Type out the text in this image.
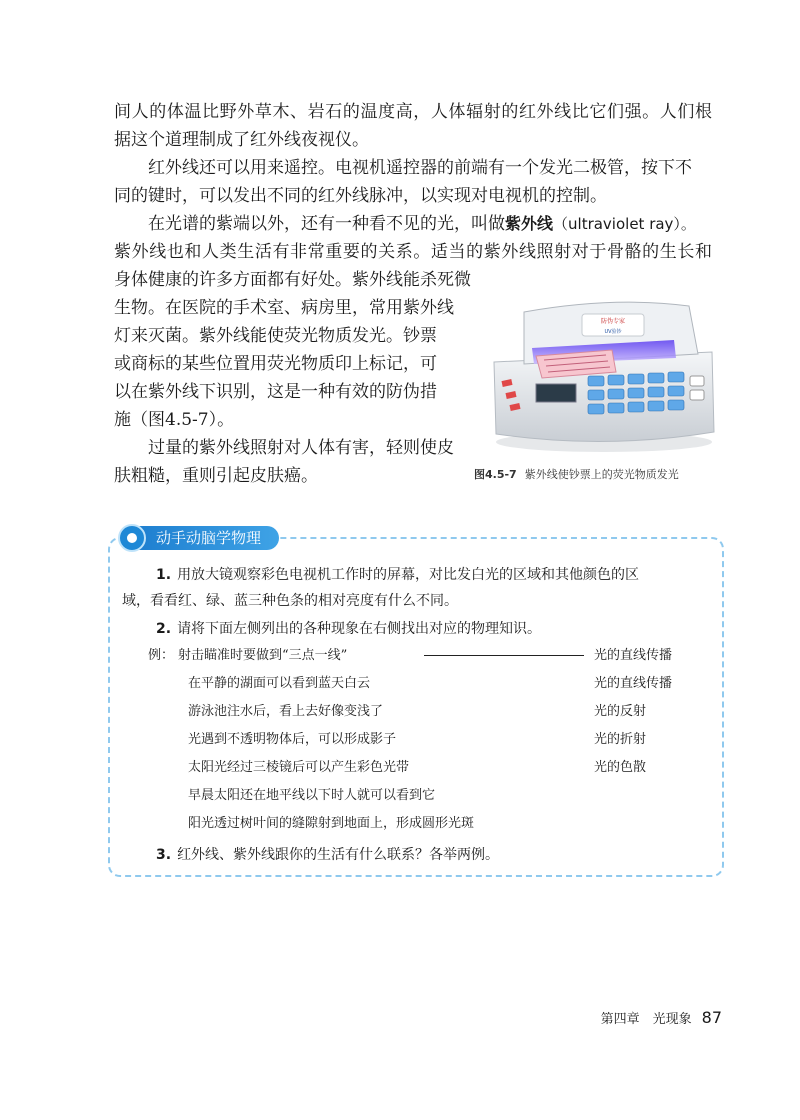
间人的体温比野外草木、岩石的温度高，人体辐射的红外线比它们强。人们根
据这个道理制成了红外线夜视仪。
红外线还可以用来遥控。电视机遥控器的前端有一个发光二极管，按下不
同的键时，可以发出不同的红外线脉冲，以实现对电视机的控制。
在光谱的紫端以外，还有一种看不见的光，叫做紫外线（ultraviolet ray）。
紫外线也和人类生活有非常重要的关系。适当的紫外线照射对于骨骼的生长和
身体健康的许多方面都有好处。紫外线能杀死微
生物。在医院的手术室、病房里，常用紫外线
灯来灭菌。紫外线能使荧光物质发光。钞票
或商标的某些位置用荧光物质印上标记，可
以在紫外线下识别，这是一种有效的防伪措
施（图4.5-7）。
过量的紫外线照射对人体有害，轻则使皮
肤粗糙，重则引起皮肤癌。
防伪专家
UV验钞
图4.5-7 紫外线使钞票上的荧光物质发光
动手动脑学物理
1. 用放大镜观察彩色电视机工作时的屏幕，对比发白光的区域和其他颜色的区
域，看看红、绿、蓝三种色条的相对亮度有什么不同。
2. 请将下面左侧列出的各种现象在右侧找出对应的物理知识。
例： 射击瞄准时要做到“三点一线”
在平静的湖面可以看到蓝天白云
游泳池注水后，看上去好像变浅了
光遇到不透明物体后，可以形成影子
太阳光经过三棱镜后可以产生彩色光带
早晨太阳还在地平线以下时人就可以看到它
阳光透过树叶间的缝隙射到地面上，形成圆形光斑
光的直线传播
光的直线传播
光的反射
光的折射
光的色散
3. 红外线、紫外线跟你的生活有什么联系？各举两例。
第四章　光现象 87
